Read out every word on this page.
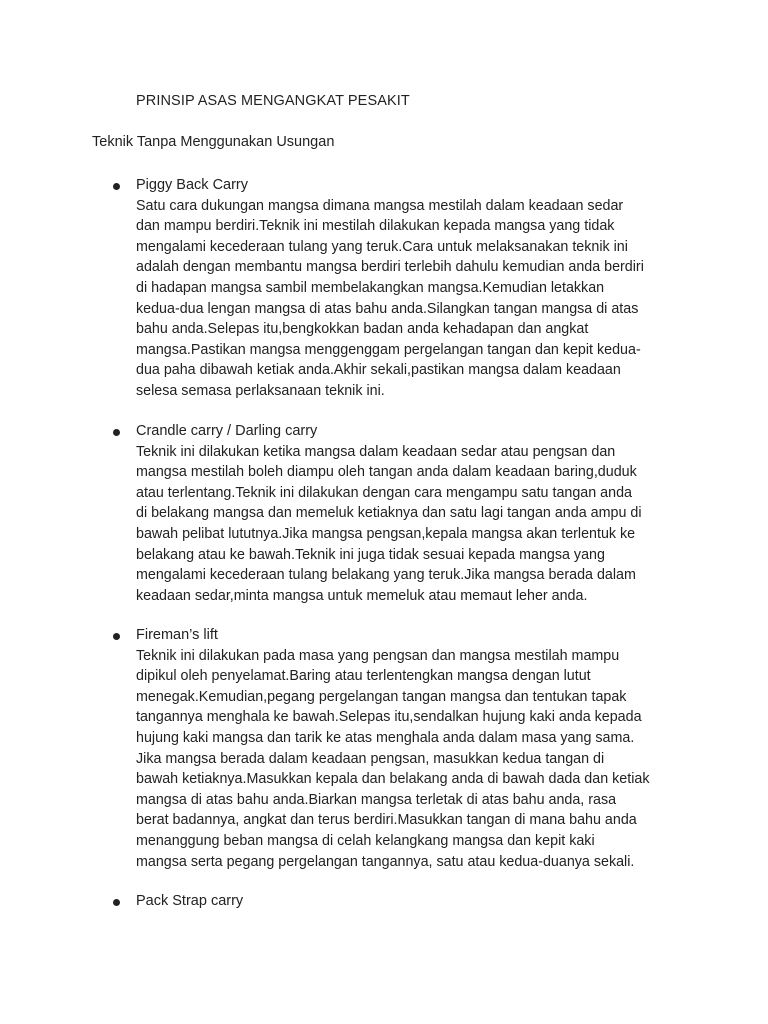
PRINSIP ASAS MENGANGKAT PESAKIT
Teknik Tanpa Menggunakan Usungan
Piggy Back Carry
Satu cara dukungan mangsa dimana mangsa mestilah dalam keadaan sedar
dan mampu berdiri.Teknik ini mestilah dilakukan kepada mangsa yang tidak
mengalami kecederaan tulang yang teruk.Cara untuk melaksanakan teknik ini
adalah dengan membantu mangsa berdiri terlebih dahulu kemudian anda berdiri
di hadapan mangsa sambil membelakangkan mangsa.Kemudian letakkan
kedua-dua lengan mangsa di atas bahu anda.Silangkan tangan mangsa di atas
bahu anda.Selepas itu,bengkokkan badan anda kehadapan dan angkat
mangsa.Pastikan mangsa menggenggam pergelangan tangan dan kepit kedua-
dua paha dibawah ketiak anda.Akhir sekali,pastikan mangsa dalam keadaan
selesa semasa perlaksanaan teknik ini.
Crandle carry / Darling carry
Teknik ini dilakukan ketika mangsa dalam keadaan sedar atau pengsan dan
mangsa mestilah boleh diampu oleh tangan anda dalam keadaan baring,duduk
atau terlentang.Teknik ini dilakukan dengan cara mengampu satu tangan anda
di belakang mangsa dan memeluk ketiaknya dan satu lagi tangan anda ampu di
bawah pelibat lututnya.Jika mangsa pengsan,kepala mangsa akan terlentuk ke
belakang atau ke bawah.Teknik ini juga tidak sesuai kepada mangsa yang
mengalami kecederaan tulang belakang yang teruk.Jika mangsa berada dalam
keadaan sedar,minta mangsa untuk memeluk atau memaut leher anda.
Fireman’s lift
Teknik ini dilakukan pada masa yang pengsan dan mangsa mestilah mampu
dipikul oleh penyelamat.Baring atau terlentengkan mangsa dengan lutut
menegak.Kemudian,pegang pergelangan tangan mangsa dan tentukan tapak
tangannya menghala ke bawah.Selepas itu,sendalkan hujung kaki anda kepada
hujung kaki mangsa dan tarik ke atas menghala anda dalam masa yang sama.
Jika mangsa berada dalam keadaan pengsan, masukkan kedua tangan di
bawah ketiaknya.Masukkan kepala dan belakang anda di bawah dada dan ketiak
mangsa di atas bahu anda.Biarkan mangsa terletak di atas bahu anda, rasa
berat badannya, angkat dan terus berdiri.Masukkan tangan di mana bahu anda
menanggung beban mangsa di celah kelangkang mangsa dan kepit kaki
mangsa serta pegang pergelangan tangannya, satu atau kedua-duanya sekali.
Pack Strap carry
